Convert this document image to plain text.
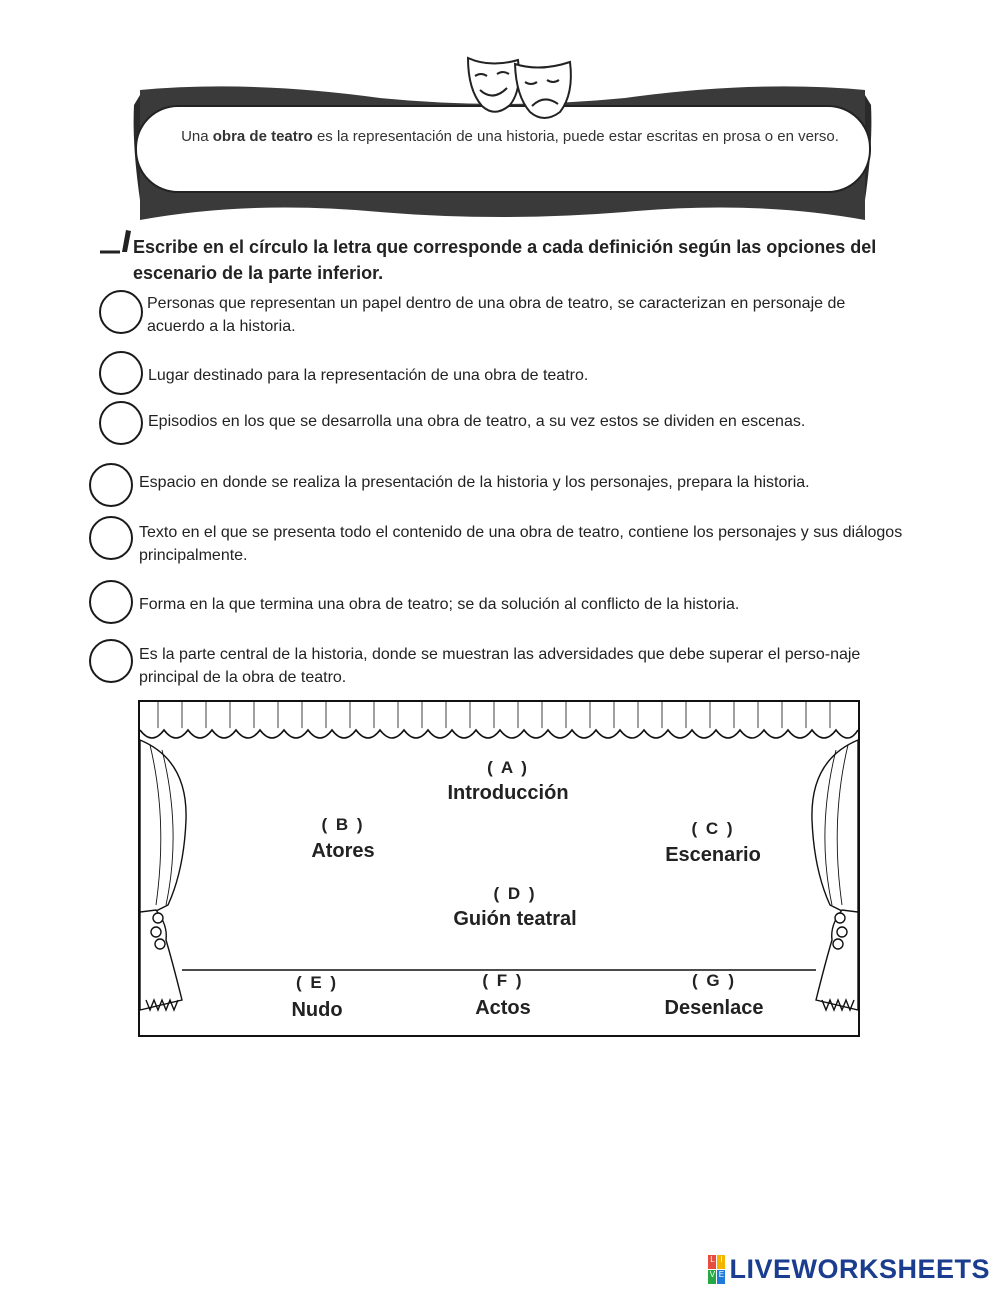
Una obra de teatro es la representación de una historia, puede estar escritas en prosa o en verso.
Escribe en el círculo la letra que corresponde a cada definición según las opciones del escenario de la parte inferior.
Personas que representan un papel dentro de una obra de teatro, se caracterizan en personaje de acuerdo a la historia.
Lugar destinado para la representación de una obra de teatro.
Episodios en los que se desarrolla una obra de teatro, a su vez estos se dividen en escenas.
Espacio en donde se realiza la presentación de la historia y los personajes, prepara la historia.
Texto en el que se presenta todo el contenido de una obra de teatro, contiene los personajes y sus diálogos principalmente.
Forma en la que termina una obra de teatro; se da solución al conflicto de la historia.
Es la parte central de la historia, donde se muestran las adversidades que debe superar el perso-naje principal de la obra de teatro.
( A )
Introducción
( B )
Atores
( C )
Escenario
( D )
Guión teatral
( E )
Nudo
( F )
Actos
( G )
Desenlace
L I
V E LIVEWORKSHEETS
